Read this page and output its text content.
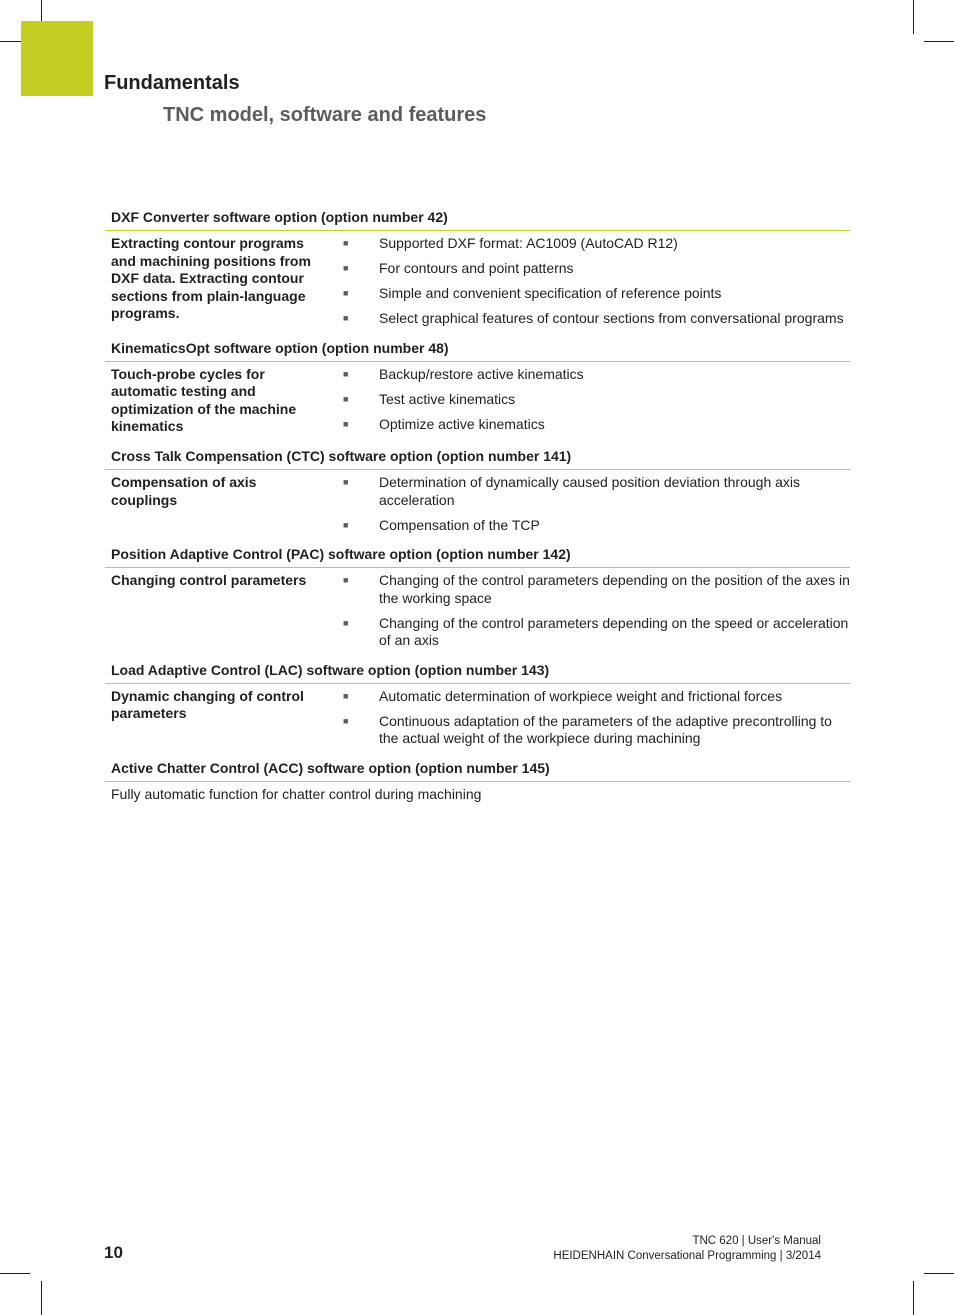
Fundamentals
TNC model, software and features
DXF Converter software option (option number 42)
Extracting contour programs and machining positions from DXF data. Extracting contour sections from plain-language programs.
■	Supported DXF format: AC1009 (AutoCAD R12)
■	For contours and point patterns
■	Simple and convenient specification of reference points
■	Select graphical features of contour sections from conversational programs
KinematicsOpt software option (option number 48)
Touch-probe cycles for automatic testing and optimization of the machine kinematics
■	Backup/restore active kinematics
■	Test active kinematics
■	Optimize active kinematics
Cross Talk Compensation (CTC) software option (option number 141)
Compensation of axis couplings
■	Determination of dynamically caused position deviation through axis acceleration
■	Compensation of the TCP
Position Adaptive Control (PAC) software option (option number 142)
Changing control parameters	■	Changing of the control parameters depending on the position of the axes in the working space
■	Changing of the control parameters depending on the speed or acceleration of an axis
Load Adaptive Control (LAC) software option (option number 143)
Dynamic changing of control parameters
■	Automatic determination of workpiece weight and frictional forces
■	Continuous adaptation of the parameters of the adaptive precontrolling to the actual weight of the workpiece during machining
Active Chatter Control (ACC) software option (option number 145)
Fully automatic function for chatter control during machining
10
TNC 620 | User's Manual
HEIDENHAIN Conversational Programming | 3/2014
